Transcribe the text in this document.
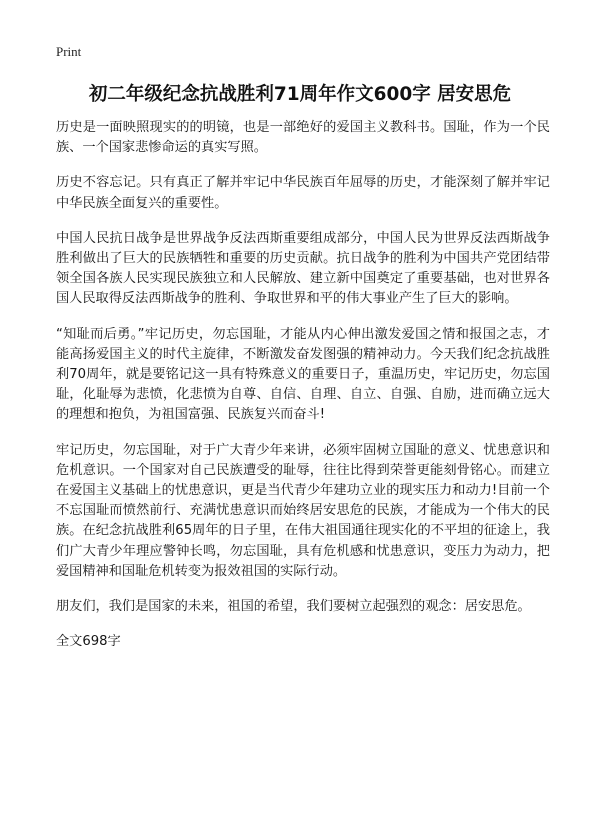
Print
初二年级纪念抗战胜利71周年作文600字 居安思危

历史是一面映照现实的的明镜，也是一部绝好的爱国主义教科书。国耻，作为一个民族、一个国家悲惨命运的真实写照。

历史不容忘记。只有真正了解并牢记中华民族百年屈辱的历史，才能深刻了解并牢记中华民族全面复兴的重要性。

中国人民抗日战争是世界战争反法西斯重要组成部分，中国人民为世界反法西斯战争胜利做出了巨大的民族牺牲和重要的历史贡献。抗日战争的胜利为中国共产党团结带领全国各族人民实现民族独立和人民解放、建立新中国奠定了重要基础，也对世界各国人民取得反法西斯战争的胜利、争取世界和平的伟大事业产生了巨大的影响。

“知耻而后勇。”牢记历史，勿忘国耻，才能从内心伸出激发爱国之情和报国之志，才能高扬爱国主义的时代主旋律，不断激发奋发图强的精神动力。今天我们纪念抗战胜利70周年，就是要铭记这一具有特殊意义的重要日子，重温历史，牢记历史，勿忘国耻，化耻辱为悲愤，化悲愤为自尊、自信、自理、自立、自强、自励，进而确立远大的理想和抱负，为祖国富强、民族复兴而奋斗!

牢记历史，勿忘国耻，对于广大青少年来讲，必须牢固树立国耻的意义、忧患意识和危机意识。一个国家对自己民族遭受的耻辱，往往比得到荣誉更能刻骨铭心。而建立在爱国主义基础上的忧患意识，更是当代青少年建功立业的现实压力和动力!目前一个不忘国耻而愤然前行、充满忧患意识而始终居安思危的民族，才能成为一个伟大的民族。在纪念抗战胜利65周年的日子里，在伟大祖国通往现实化的不平坦的征途上，我们广大青少年理应警钟长鸣，勿忘国耻，具有危机感和忧患意识，变压力为动力，把爱国精神和国耻危机转变为报效祖国的实际行动。

朋友们，我们是国家的未来，祖国的希望，我们要树立起强烈的观念：居安思危。

全文698字
